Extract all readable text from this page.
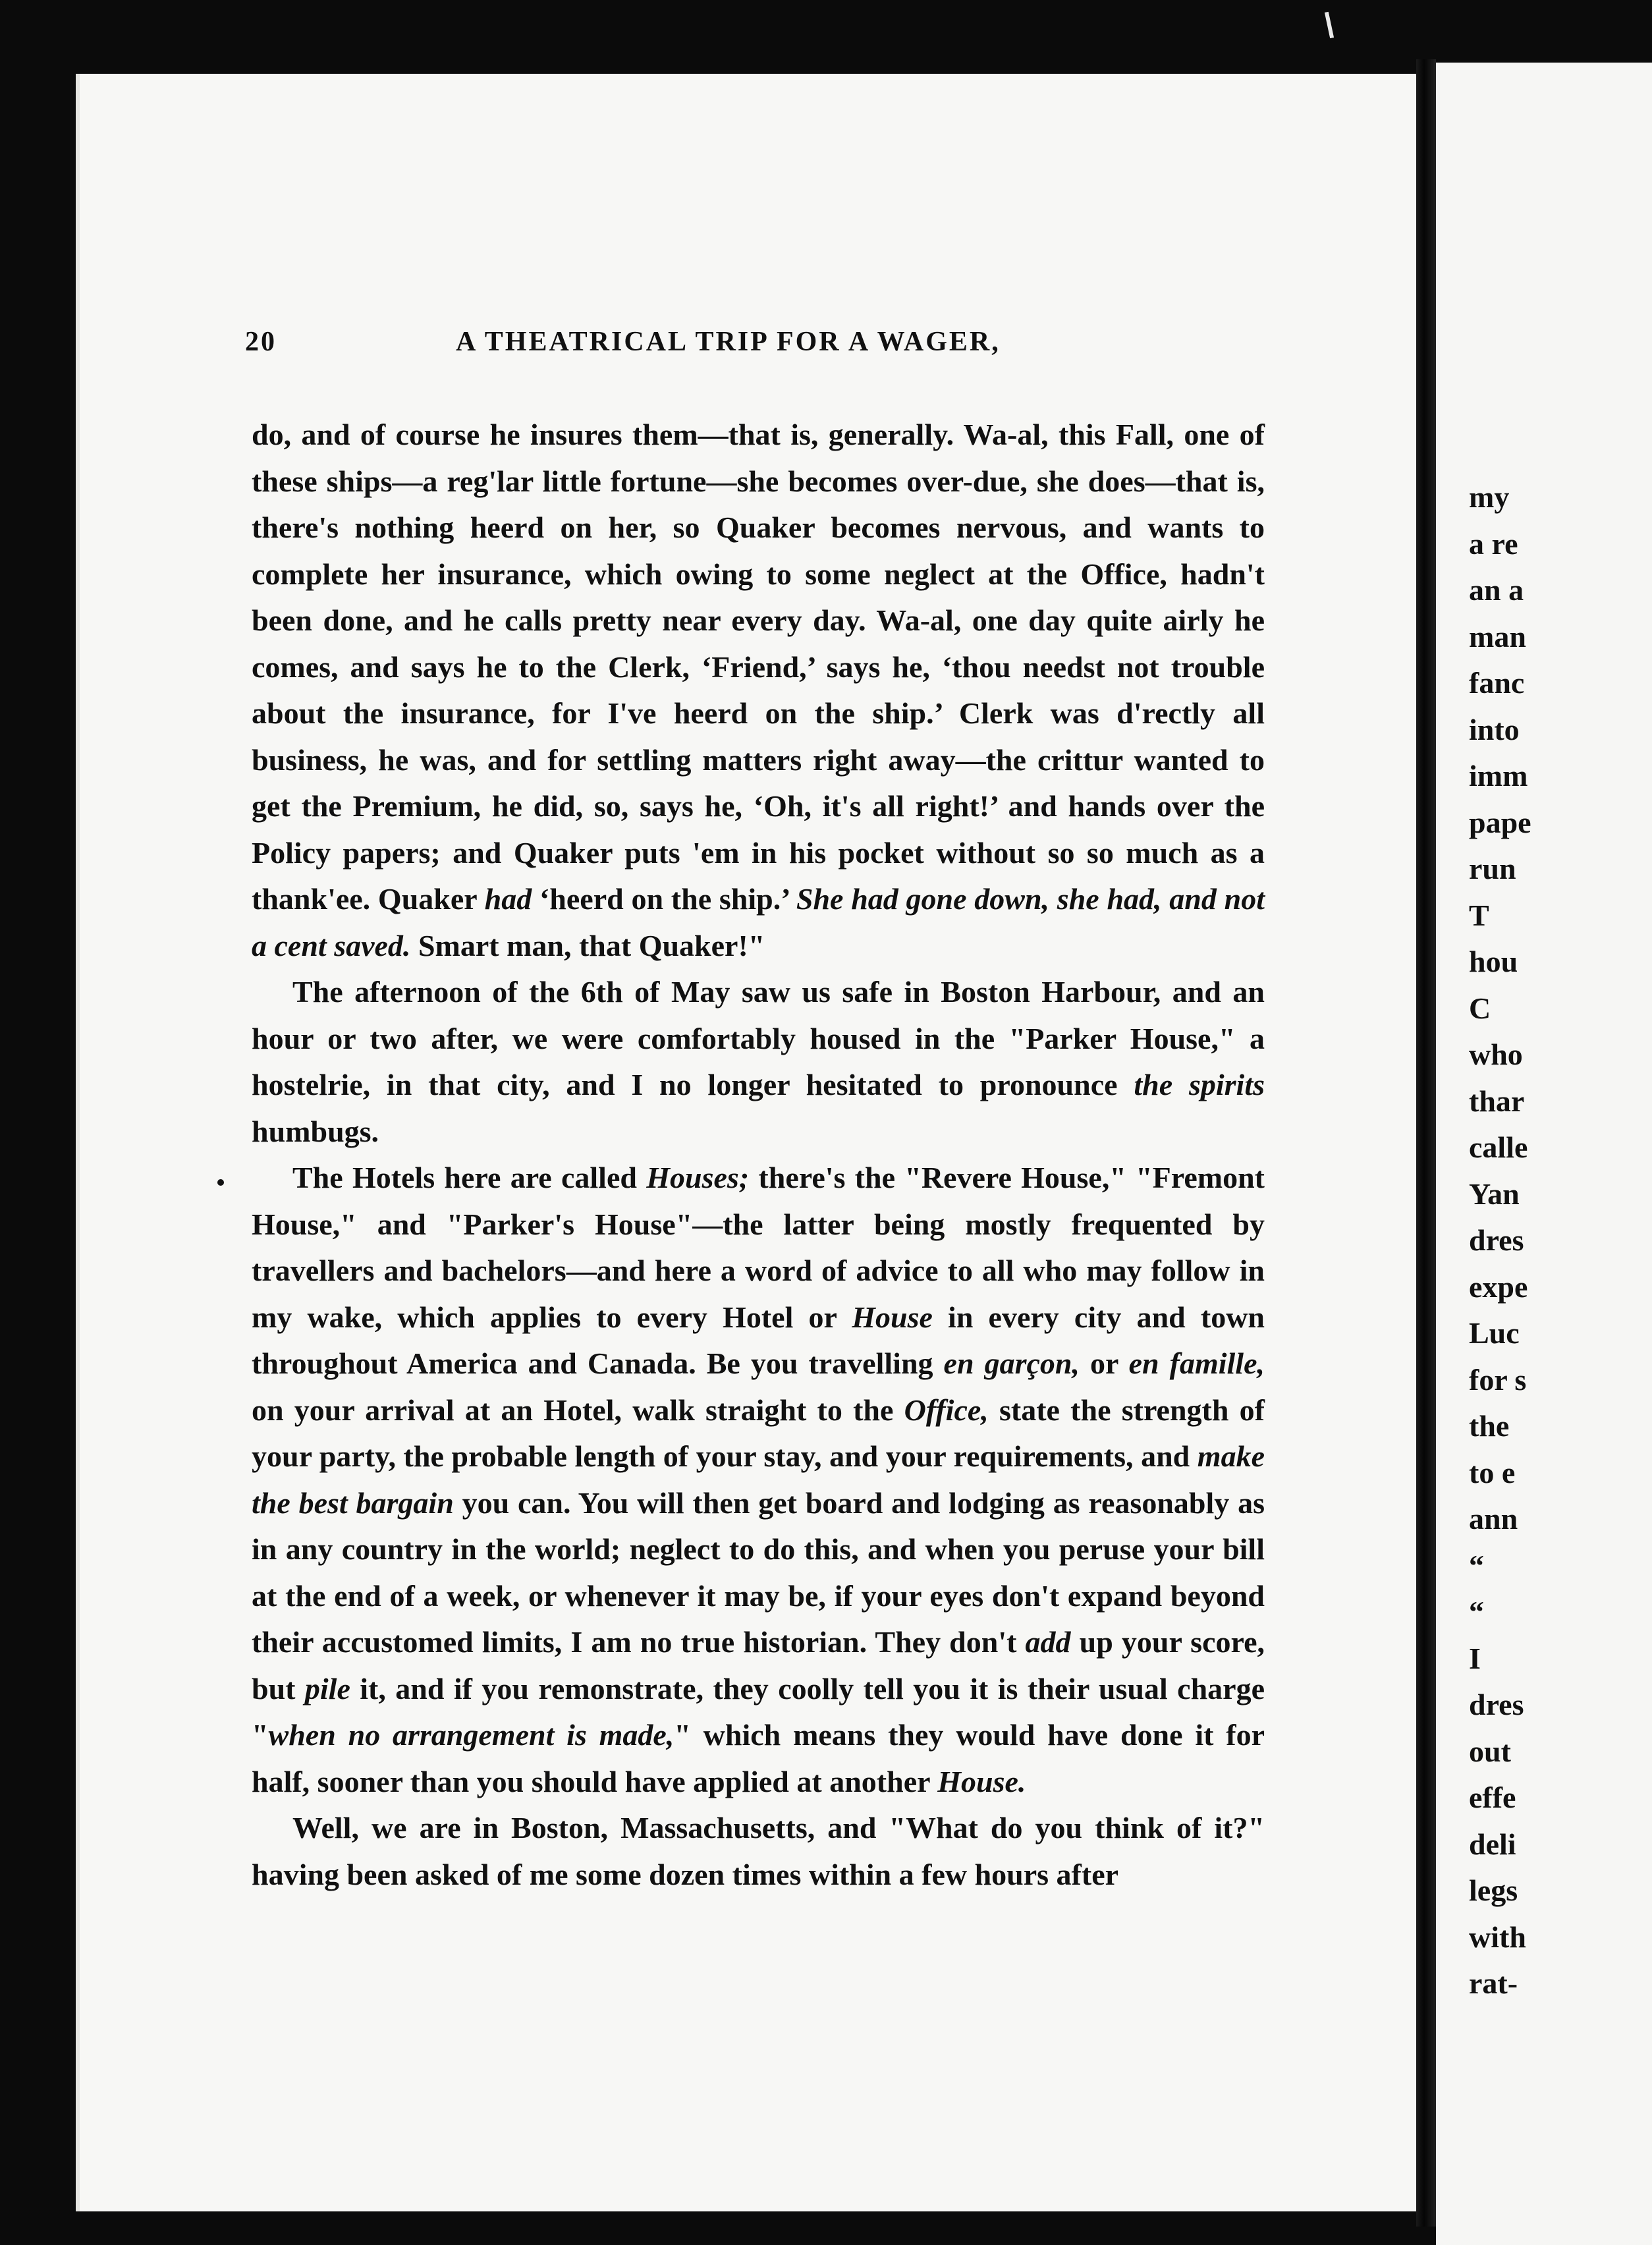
20	A THEATRICAL TRIP FOR A WAGER,

do, and of course he insures them—that is, generally. Wa-al, this Fall, one of these ships—a reg'lar little fortune—she becomes over-due, she does—that is, there's nothing heerd on her, so Quaker becomes nervous, and wants to complete her insurance, which owing to some neglect at the Office, hadn't been done, and he calls pretty near every day. Wa-al, one day quite airly he comes, and says he to the Clerk, ‘Friend,’ says he, ‘thou needst not trouble about the insurance, for I've heerd on the ship.’ Clerk was d'rectly all business, he was, and for settling matters right away—the crittur wanted to get the Premium, he did, so, says he, ‘Oh, it's all right!’ and hands over the Policy papers; and Quaker puts 'em in his pocket without so so much as a thank'ee. Quaker had ‘heerd on the ship.’ She had gone down, she had, and not a cent saved. Smart man, that Quaker!"

The afternoon of the 6th of May saw us safe in Boston Harbour, and an hour or two after, we were comfortably housed in the "Parker House," a hostelrie, in that city, and I no longer hesitated to pronounce the spirits humbugs.

The Hotels here are called Houses; there's the "Revere House," "Fremont House," and "Parker's House"—the latter being mostly frequented by travellers and bachelors—and here a word of advice to all who may follow in my wake, which applies to every Hotel or House in every city and town throughout America and Canada. Be you travelling en garçon, or en famille, on your arrival at an Hotel, walk straight to the Office, state the strength of your party, the probable length of your stay, and your requirements, and make the best bargain you can. You will then get board and lodging as reasonably as in any country in the world; neglect to do this, and when you peruse your bill at the end of a week, or whenever it may be, if your eyes don't expand beyond their accustomed limits, I am no true historian. They don't add up your score, but pile it, and if you remonstrate, they coolly tell you it is their usual charge "when no arrangement is made," which means they would have done it for half, sooner than you should have applied at another House.

Well, we are in Boston, Massachusetts, and "What do you think of it?" having been asked of me some dozen times within a few hours after

my
a re
an a
man
fanc
into
imm
pape
run
T
hou
C
who
thar
calle
Yan
dres
expe
Luc
for s
the
to e
ann
“
“
I
dres
out
effe
deli
legs
with
rat-
